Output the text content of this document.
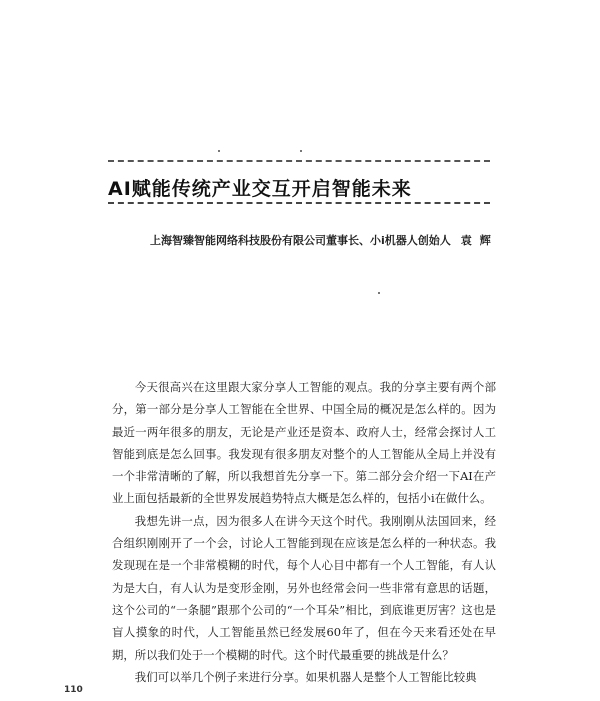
AI赋能传统产业交互开启智能未来
上海智臻智能网络科技股份有限公司董事长、小i机器人创始人 袁辉

今天很高兴在这里跟大家分享人工智能的观点。我的分享主要有两个部分，第一部分是分享人工智能在全世界、中国全局的概况是怎么样的。因为最近一两年很多的朋友，无论是产业还是资本、政府人士，经常会探讨人工智能到底是怎么回事。我发现有很多朋友对整个的人工智能从全局上并没有一个非常清晰的了解，所以我想首先分享一下。第二部分会介绍一下AI在产业上面包括最新的全世界发展趋势特点大概是怎么样的，包括小i在做什么。

我想先讲一点，因为很多人在讲今天这个时代。我刚刚从法国回来，经合组织刚刚开了一个会，讨论人工智能到现在应该是怎么样的一种状态。我发现现在是一个非常模糊的时代，每个人心目中都有一个人工智能，有人认为是大白，有人认为是变形金刚，另外也经常会问一些非常有意思的话题，这个公司的“一条腿”跟那个公司的“一个耳朵”相比，到底谁更厉害？这也是盲人摸象的时代，人工智能虽然已经发展60年了，但在今天来看还处在早期，所以我们处于一个模糊的时代。这个时代最重要的挑战是什么？

我们可以举几个例子来进行分享。如果机器人是整个人工智能比较典

110
